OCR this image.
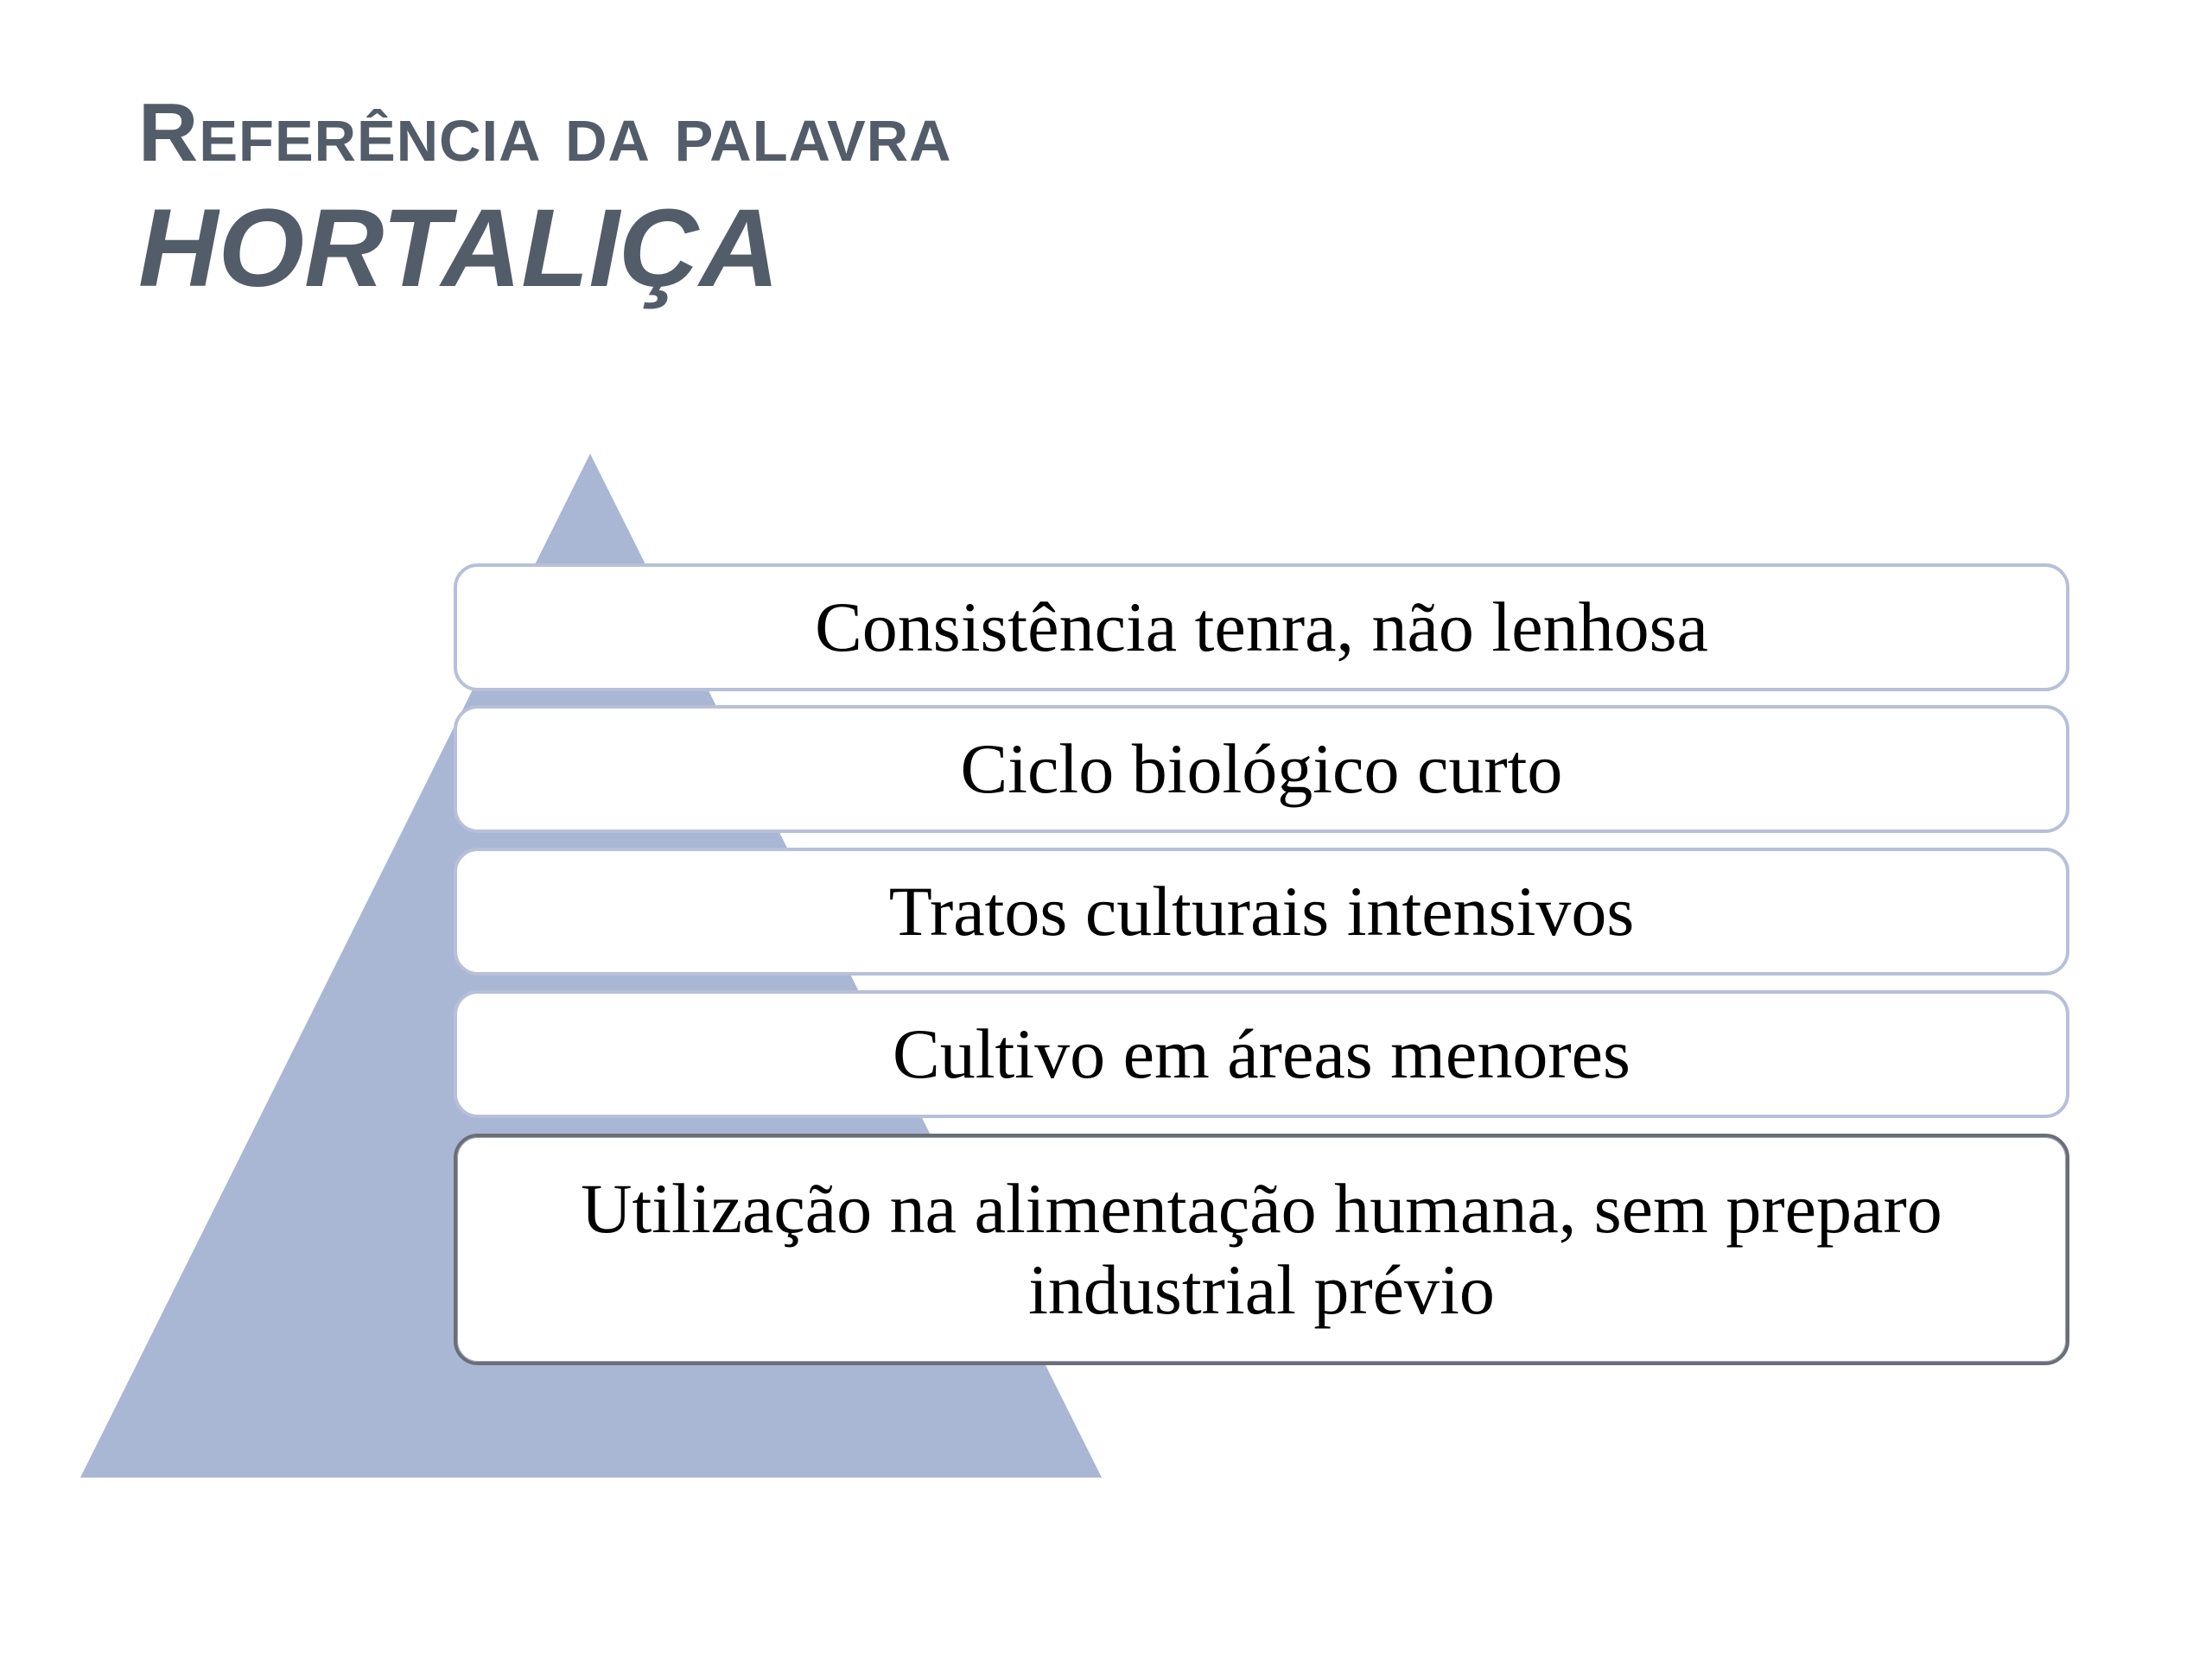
Referência da palavra
HORTALIÇA
Consistência tenra, não lenhosa
Ciclo biológico curto
Tratos culturais intensivos
Cultivo em áreas menores
Utilização na alimentação humana, sem preparo industrial prévio
